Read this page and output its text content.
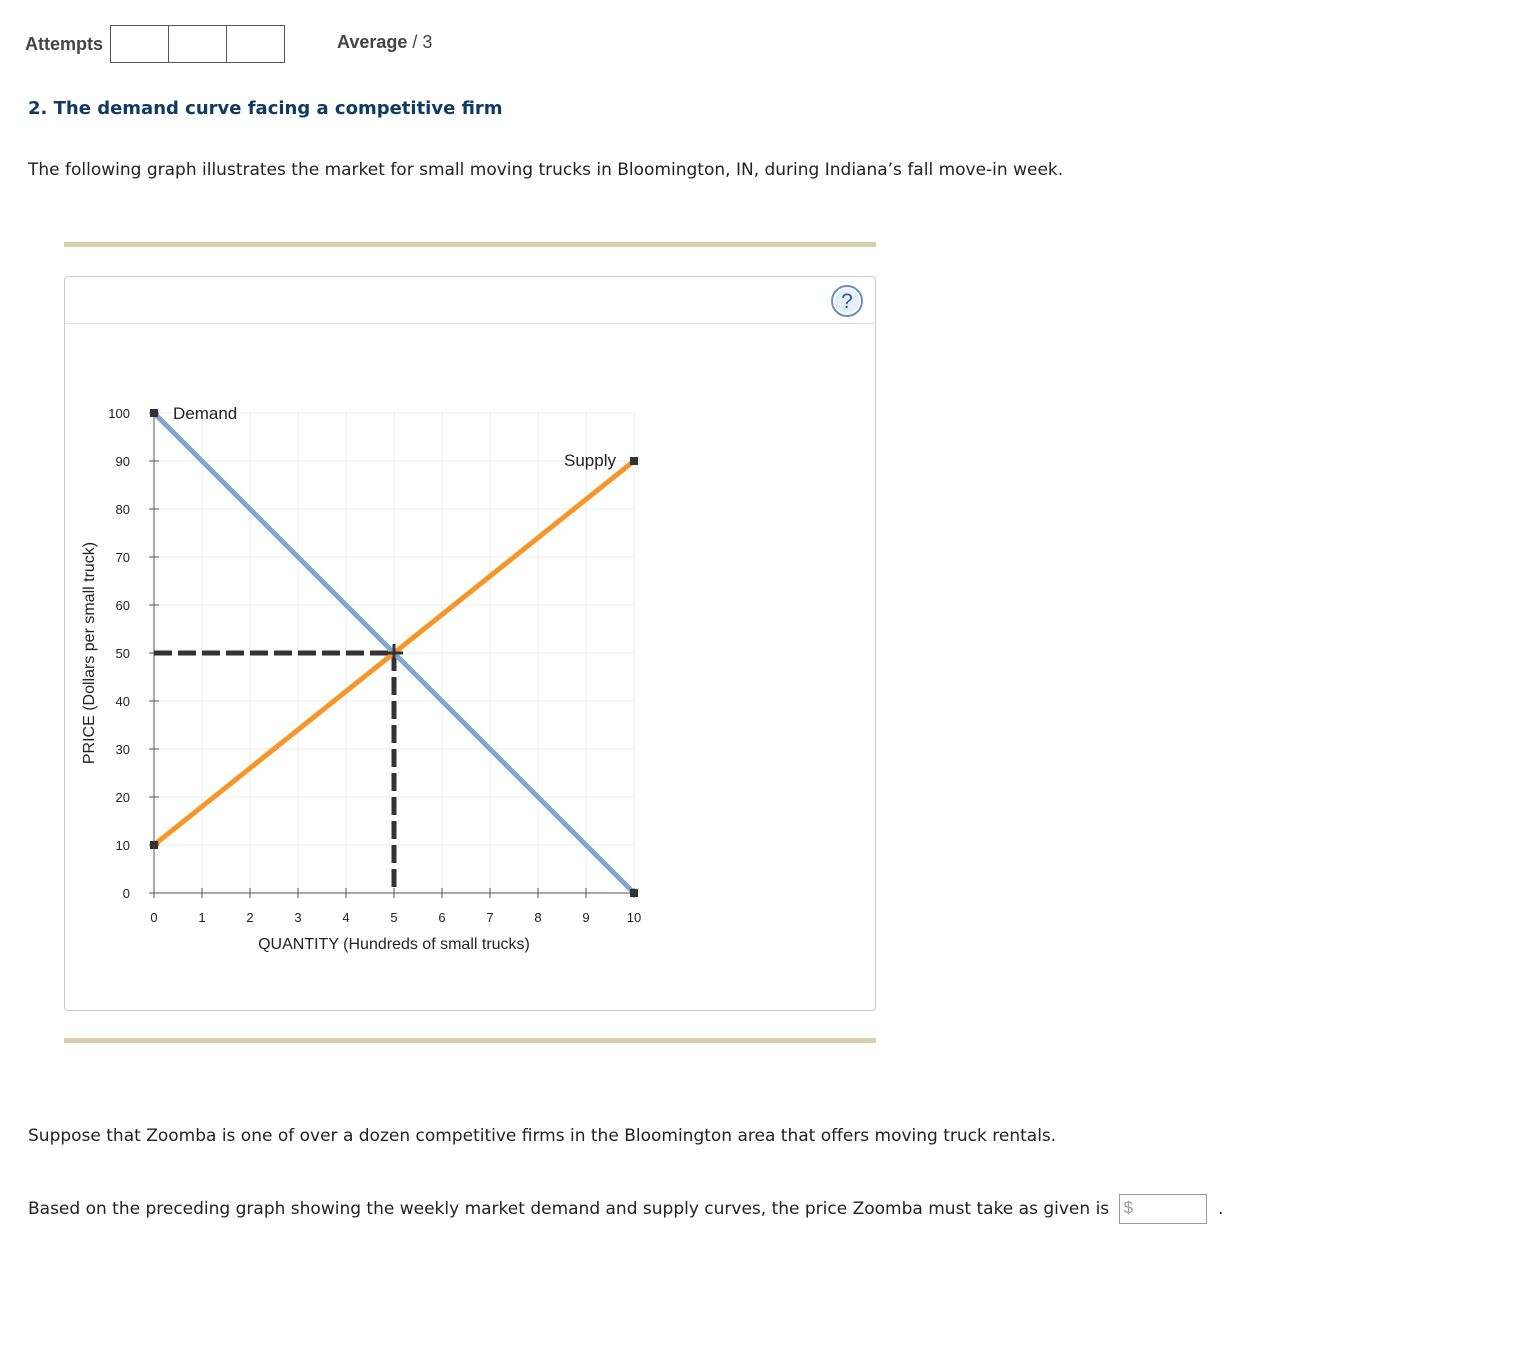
Attempts	Average / 3
2. The demand curve facing a competitive firm

The following graph illustrates the market for small moving trucks in Bloomington, IN, during Indiana’s fall move-in week.

?
0	1	2	3	4	5	6	7	8	9	10
0
10
20
30
40
50
60
70
80
90
100
QUANTITY (Hundreds of small trucks)
PRICE (Dollars per small truck)
Demand
Supply

Suppose that Zoomba is one of over a dozen competitive firms in the Bloomington area that offers moving truck rentals.

Based on the preceding graph showing the weekly market demand and supply curves, the price Zoomba must take as given is $	.
